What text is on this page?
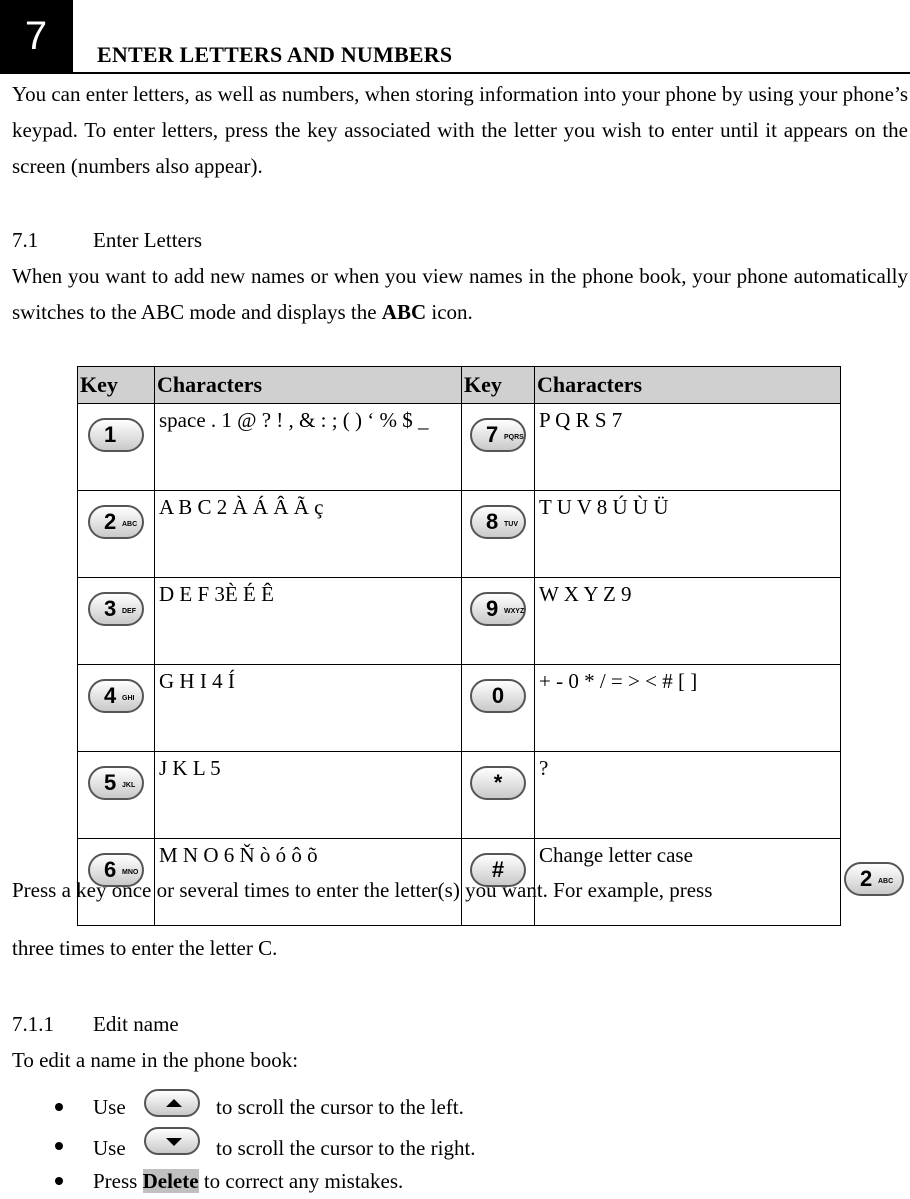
7	ENTER LETTERS AND NUMBERS
You can enter letters, as well as numbers, when storing information into your phone by using your phone’s keypad. To enter letters, press the key associated with the letter you wish to enter until it appears on the screen (numbers also appear).
7.1	Enter Letters
When you want to add new names or when you view names in the phone book, your phone automatically switches to the ABC mode and displays the ABC icon.
Key	Characters	Key	Characters

1	space . 1 @ ? ! , & : ; ( ) ‘ % $ _	7 PQRS	P Q R S 7

2 ABC	A B C 2 À Á Â Ã ç	8 TUV	T U V 8 Ú Ù Ü

3 DEF	D E F 3È É Ê	9 WXYZ	W X Y Z 9

4 GHI	G H I 4 Í	0	+ - 0 * / = > < # [ ]

5 JKL	J K L 5	*	?

6 MNO	M N O 6 Ň ò ó ô õ	#	Change letter case
Press a key once or several times to enter the letter(s) you want. For example, press	2 ABC
three times to enter the letter C.
7.1.1 Edit name
To edit a name in the phone book:
Use	to scroll the cursor to the left.
Use	to scroll the cursor to the right.
Press Delete to correct any mistakes.
